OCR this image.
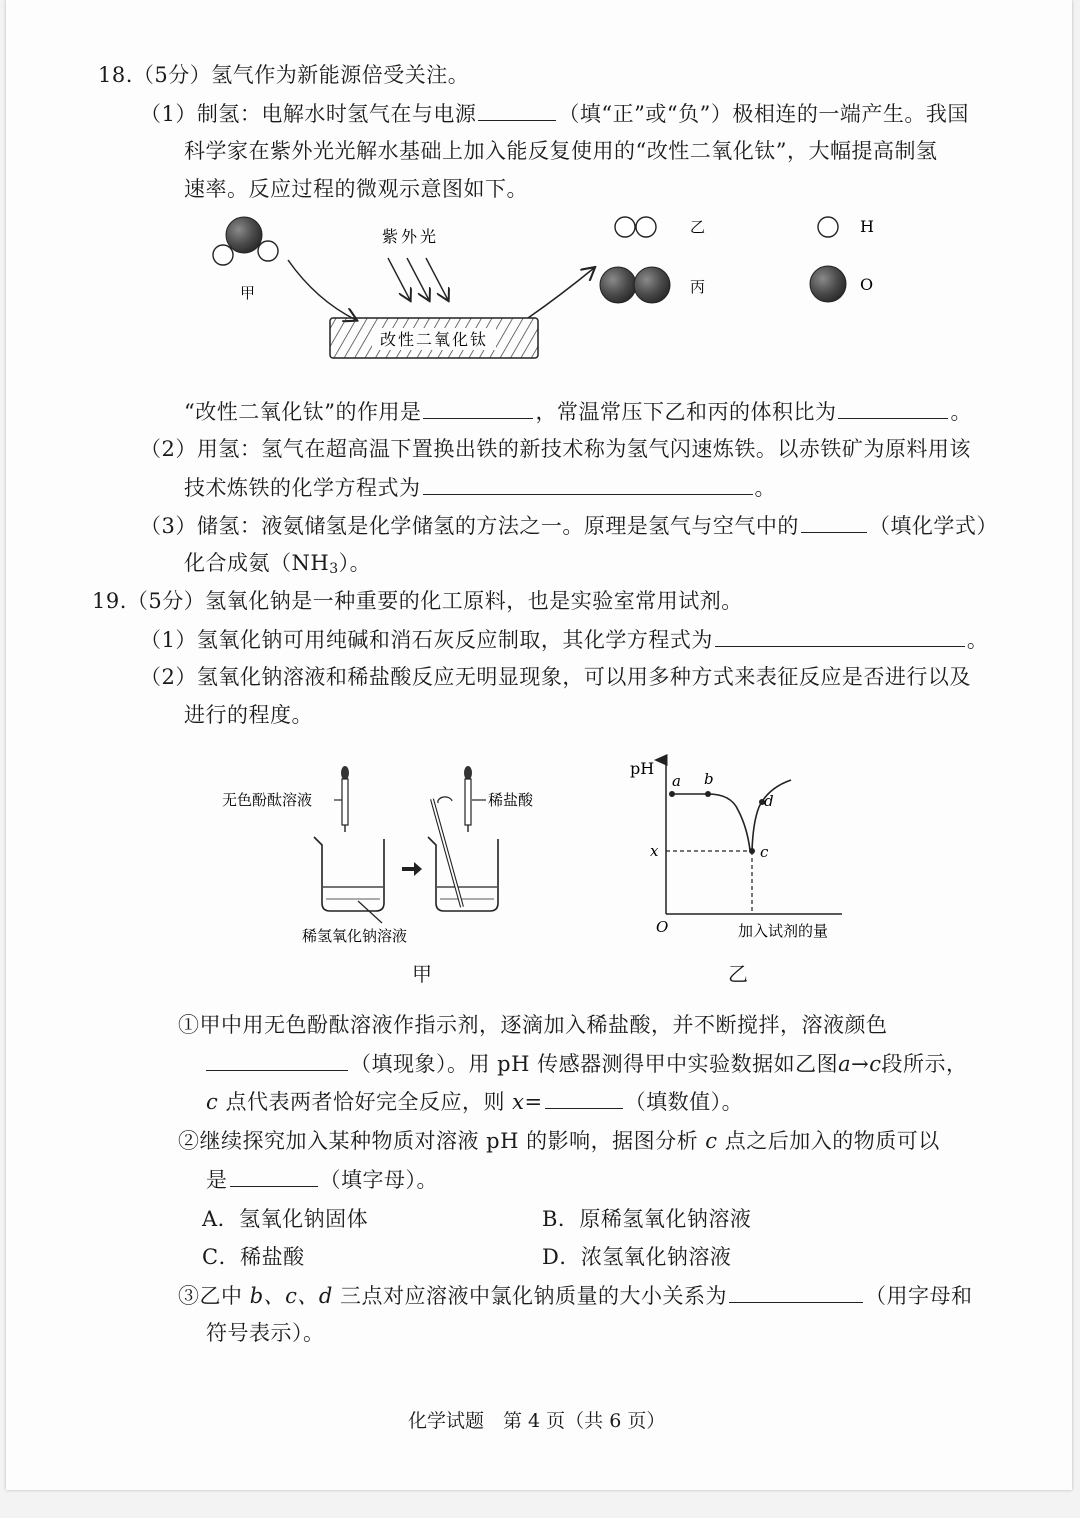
18.（5分）氢气作为新能源倍受关注。
（1）制氢：电解水时氢气在与电源	（填“正”或“负”）极相连的一端产生。我国
科学家在紫外光光解水基础上加入能反复使用的“改性二氧化钛”，大幅提高制氢
速率。反应过程的微观示意图如下。
甲
紫外光
改性二氧化钛
乙
丙
H
O
“改性二氧化钛”的作用是	，常温常压下乙和丙的体积比为	。
（2）用氢：氢气在超高温下置换出铁的新技术称为氢气闪速炼铁。以赤铁矿为原料用该
技术炼铁的化学方程式为	。
（3）储氢：液氨储氢是化学储氢的方法之一。原理是氢气与空气中的	（填化学式）
化合成氨$(NH_3)$。
19.（5分）氢氧化钠是一种重要的化工原料，也是实验室常用试剂。
（1）氢氧化钠可用纯碱和消石灰反应制取，其化学方程式为	。
（2）氢氧化钠溶液和稀盐酸反应无明显现象，可以用多种方式来表征反应是否进行以及
进行的程度。
无色酚酞溶液
稀氢氧化钠溶液
稀盐酸
甲
pH
O	加入试剂的量
a b
c
d
x
乙
①甲中用无色酚酞溶液作指示剂，逐滴加入稀盐酸，并不断搅拌，溶液颜色
（填现象）。用 pH 传感器测得甲中实验数据如乙图a→c段所示，
c 点代表两者恰好完全反应，则 x=	（填数值）。
②继续探究加入某种物质对溶液 pH 的影响，据图分析 c 点之后加入的物质可以
是	（填字母）。
A．氢氧化钠固体	B．原稀氢氧化钠溶液
C．稀盐酸	D．浓氢氧化钠溶液
③乙中 b、c、d 三点对应溶液中氯化钠质量的大小关系为	（用字母和
符号表示）。
化学试题　第 4 页（共 6 页）
